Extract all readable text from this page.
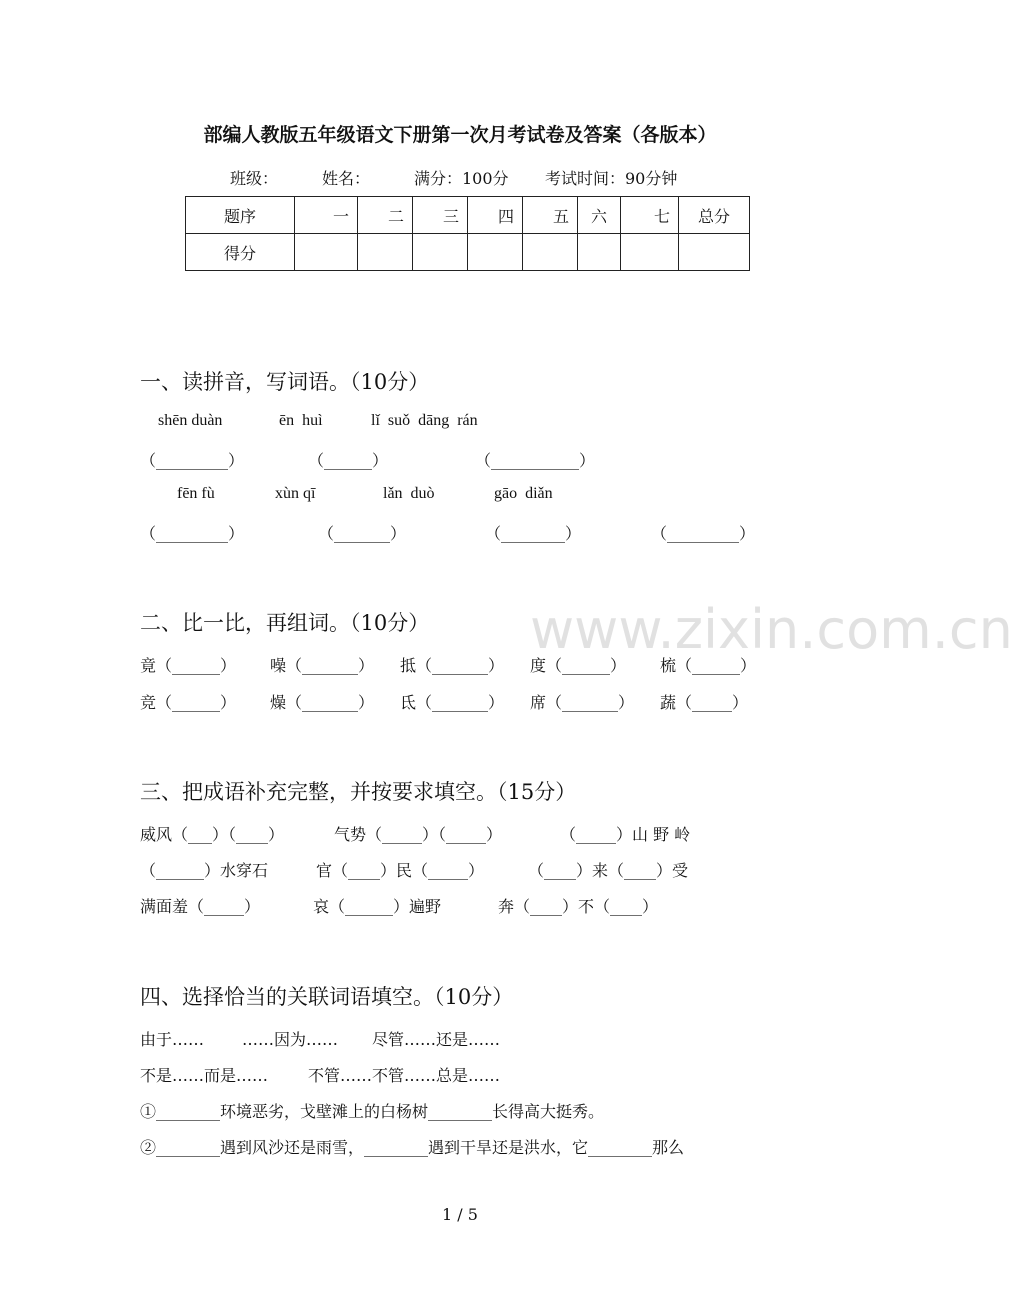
部编人教版五年级语文下册第一次月考试卷及答案（各版本）
班级：	姓名：	满分：100分 考试时间：90分钟
题序	一	二	三	四	五	六	七	总分
得分								
一、读拼音，写词语。（10分）
shēn duàn	ēn  huì	lǐ  suǒ  dāng  rán
（_________）	（______）	（___________）
fēn fù	xùn qī	lǎn  duò	gāo  diǎn
（_________）	（_______）	（________）	（_________）
www.zixin.com.cn
二、比一比，再组词。（10分）
竟（______） 噪（_______） 抵（_______） 度（______） 梳（______）
竞（______） 燥（_______） 氐（_______） 席（_______） 蔬（_____）
三、把成语补充完整，并按要求填空。（15分）
威风（___）（____）	气势（_____）（_____）	（_____）山 野 岭
（______）水穿石	官（____）民（_____）	（____）来（____）受
满面羞（_____）	哀（______）遍野	奔（____）不（____）
四、选择恰当的关联词语填空。（10分）
由于…… ……因为…… 尽管……还是……
不是……而是…… 不管……不管……总是……
①________环境恶劣，戈壁滩上的白杨树________长得高大挺秀。
②________遇到风沙还是雨雪，________遇到干旱还是洪水，它________那么
1 / 5
